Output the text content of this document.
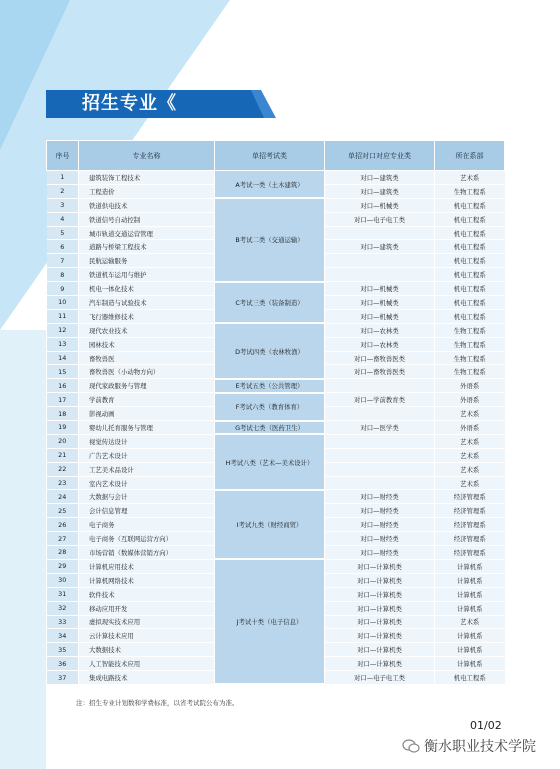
招生专业《
序号	专业名称	单招考试类	单招对口对应专业类	所在系部
1	建筑装饰工程技术	A考试一类（土木建筑）	对口—建筑类	艺术系
2	工程造价		对口—建筑类	生物工程系
3	铁道供电技术	B考试二类（交通运输）	对口—机械类	机电工程系
4	铁道信号自动控制		对口—电子电工类	机电工程系
5	城市轨道交通运营管理			机电工程系
6	道路与桥梁工程技术		对口—建筑类	机电工程系
7	民航运输服务			机电工程系
8	铁道机车运用与维护			机电工程系
9	机电一体化技术	C考试三类（装备制造）	对口—机械类	机电工程系
10	汽车制造与试验技术		对口—机械类	机电工程系
11	飞行器维修技术		对口—机械类	机电工程系
12	现代农业技术	D考试四类（农林牧渔）	对口—农林类	生物工程系
13	园林技术		对口—农林类	生物工程系
14	畜牧兽医		对口—畜牧兽医类	生物工程系
15	畜牧兽医（小动物方向）		对口—畜牧兽医类	生物工程系
16	现代家政服务与管理	E考试五类（公共管理）		外语系
17	学前教育	F考试六类（教育体育）	对口—学前教育类	外语系
18	影视动画			艺术系
19	婴幼儿托育服务与管理	G考试七类（医药卫生）	对口—医学类	外语系
20	视觉传达设计	H考试八类（艺术—美术设计）		艺术系
21	广告艺术设计			艺术系
22	工艺美术品设计			艺术系
23	室内艺术设计			艺术系
24	大数据与会计	I考试九类（财经商贸）	对口—财经类	经济管理系
25	会计信息管理		对口—财经类	经济管理系
26	电子商务		对口—财经类	经济管理系
27	电子商务（互联网运营方向）		对口—财经类	经济管理系
28	市场营销（数媒体营销方向）		对口—财经类	经济管理系
29	计算机应用技术	J考试十类（电子信息）	对口—计算机类	计算机系
30	计算机网络技术		对口—计算机类	计算机系
31	软件技术		对口—计算机类	计算机系
32	移动应用开发		对口—计算机类	计算机系
33	虚拟现实技术应用		对口—计算机类	艺术系
34	云计算技术应用		对口—计算机类	计算机系
35	大数据技术		对口—计算机类	计算机系
36	人工智能技术应用		对口—计算机类	计算机系
37	集成电路技术		对口—电子电工类	机电工程系
注：招生专业计划数和学费标准，以省考试院公布为准。
01/02
衡水职业技术学院
